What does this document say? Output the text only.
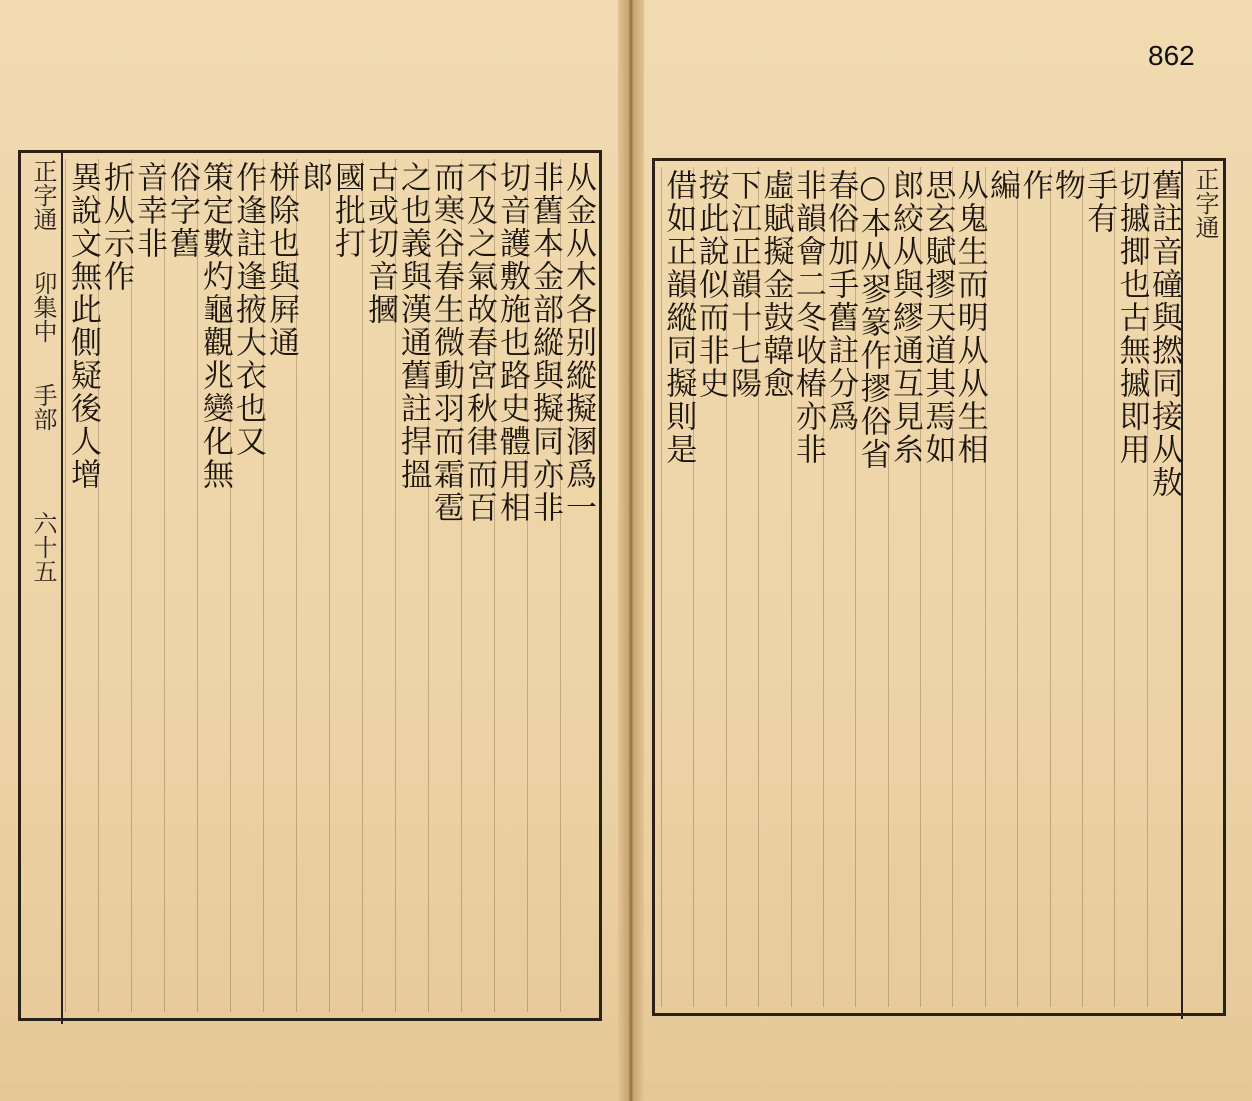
862
正字通
卯集中
手部
六十五
从金从木各别縱擬溷爲一
非舊本金部縱與擬同亦非
切音護敷施也路史體用相
不及之氣故春宮秋律而百
而寒谷春生微動羽而霜雹
之也義與漢通舊註捍搵
古或切音摑
國批打
郞
栟除也與屛通
作逢註逢掖大衣也又
策定數灼龜觀兆變化無
俗字舊
音幸非
折从示作
異說文無此側疑後人增	正字通
舊註音䃥與撚同接从敖
切摵揤也古無摵即用
手有
物
作
編
从鬼生而明从从生相
思玄賦摎天道其焉如
郎絞从與繆通互見糸
○本从翏篆作摎俗省
春俗加手舊註分爲
非韻會二冬收椿亦非
虛賦擬金鼓韓愈
下江正韻十七陽
按此說似而非史
借如正韻縱同擬則是
